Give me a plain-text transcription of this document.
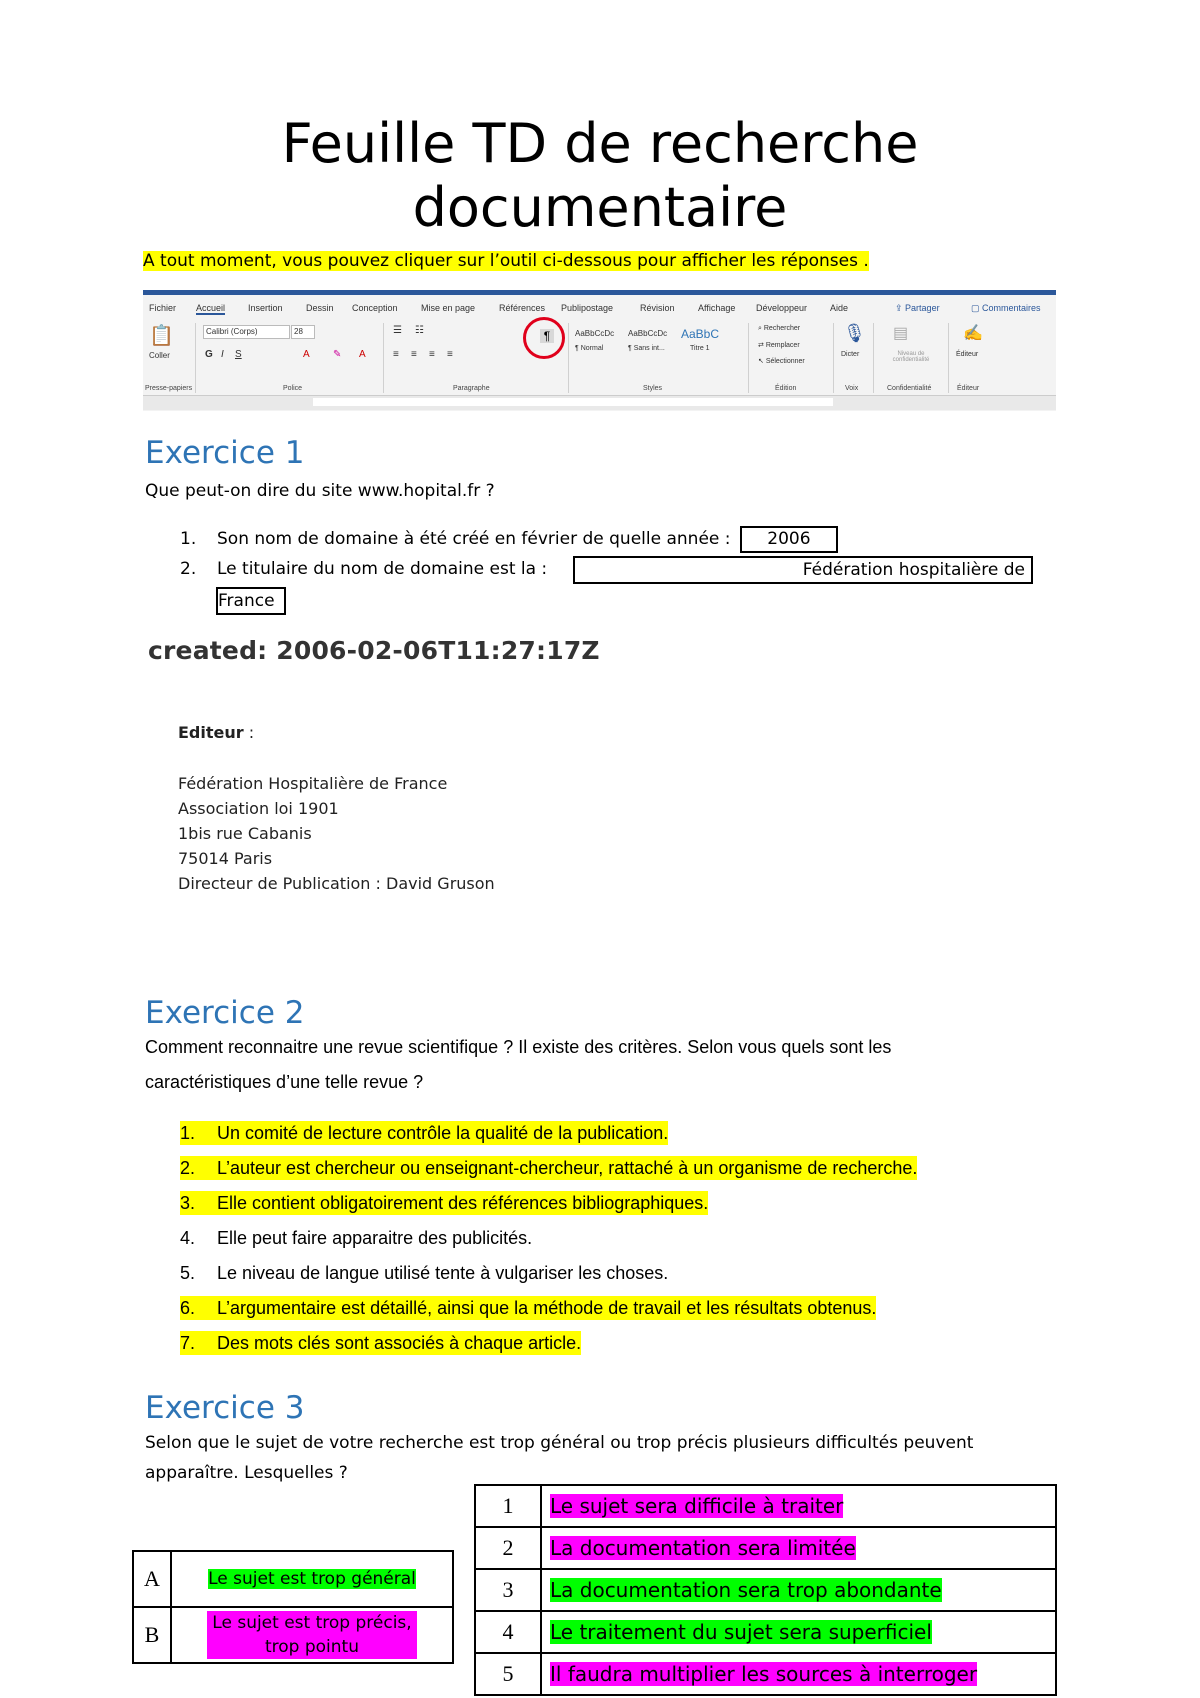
Feuille TD de recherche
documentaire
A tout moment, vous pouvez cliquer sur l’outil ci-dessous pour afficher les réponses .
Fichier Accueil	Insertion	Dessin Conception	Mise en page	Références Publipostage	Révision	Affichage Développeur	Aide	⇪ Partager	▢ Commentaires
📋
Coller
Calibri (Corps)	28
G I S	A ✎ A
☰ ☷
≡ ≡ ≡ ≡
¶	AaBbCcDc AaBbCcDc AaBbC
¶ Normal	¶ Sans int...	Titre 1
⌕ Rechercher
⇄ Remplacer
↖ Sélectionner
🎙
Dicter
▤
Niveau de confidentialité
✍
Éditeur
Presse-papiers	Police	Paragraphe	Styles	Édition	Voix	Confidentialité	Éditeur
Exercice 1
Que peut-on dire du site www.hopital.fr ?
1. Son nom de domaine à été créé en février de quelle année : 2006
2. Le titulaire du nom de domaine est la :	Fédération hospitalière de
France
created: 2006-02-06T11:27:17Z
Editeur :
Fédération Hospitalière de France
Association loi 1901
1bis rue Cabanis
75014 Paris
Directeur de Publication : David Gruson
Exercice 2
Comment reconnaitre une revue scientifique ? Il existe des critères. Selon vous quels sont les
caractéristiques d’une telle revue ?
1. Un comité de lecture contrôle la qualité de la publication.
2. L’auteur est chercheur ou enseignant-chercheur, rattaché à un organisme de recherche.
3. Elle contient obligatoirement des références bibliographiques.
4. Elle peut faire apparaitre des publicités.
5. Le niveau de langue utilisé tente à vulgariser les choses.
6. L’argumentaire est détaillé, ainsi que la méthode de travail et les résultats obtenus.
7. Des mots clés sont associés à chaque article.
Exercice 3
Selon que le sujet de votre recherche est trop général ou trop précis plusieurs difficultés peuvent
apparaître. Lesquelles ?
A	Le sujet est trop général
B	Le sujet est trop précis, trop pointu
1	Le sujet sera difficile à traiter
2	La documentation sera limitée
3	La documentation sera trop abondante
4	Le traitement du sujet sera superficiel
5	Il faudra multiplier les sources à interroger
